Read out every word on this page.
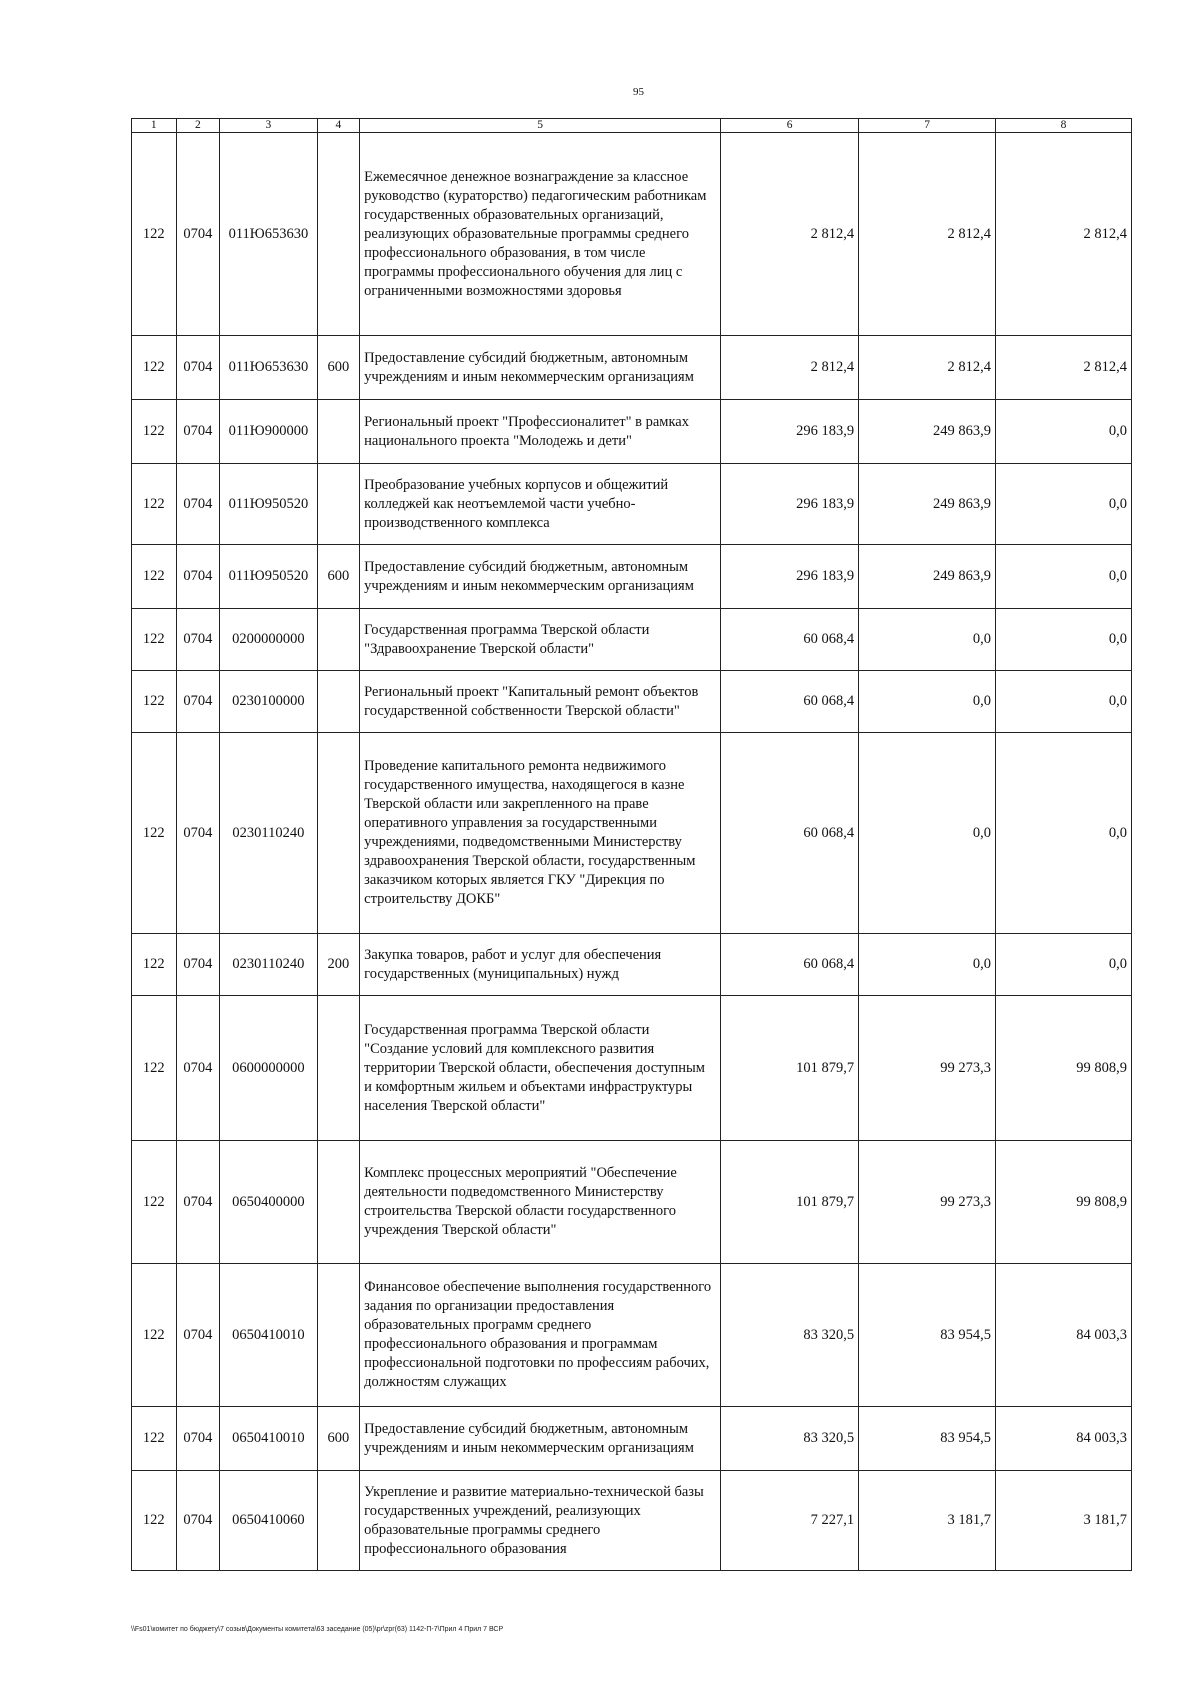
95
1	2	3	4	5	6	7	8
122	0704	011Ю653630		Ежемесячное денежное вознаграждение за классное руководство (кураторство) педагогическим работникам государственных образовательных организаций, реализующих образовательные программы среднего профессионального образования, в том числе программы профессионального обучения для лиц с ограниченными возможностями здоровья	2 812,4	2 812,4	2 812,4
122	0704	011Ю653630	600	Предоставление субсидий бюджетным, автономным учреждениям и иным некоммерческим организациям	2 812,4	2 812,4	2 812,4
122	0704	011Ю900000		Региональный проект "Профессионалитет" в рамках национального проекта "Молодежь и дети"	296 183,9	249 863,9	0,0
122	0704	011Ю950520		Преобразование учебных корпусов и общежитий колледжей как неотъемлемой части учебно-производственного комплекса	296 183,9	249 863,9	0,0
122	0704	011Ю950520	600	Предоставление субсидий бюджетным, автономным учреждениям и иным некоммерческим организациям	296 183,9	249 863,9	0,0
122	0704	0200000000		Государственная программа Тверской области "Здравоохранение Тверской области"	60 068,4	0,0	0,0
122	0704	0230100000		Региональный проект "Капитальный ремонт объектов государственной собственности Тверской области"	60 068,4	0,0	0,0
122	0704	0230110240		Проведение капитального ремонта недвижимого государственного имущества, находящегося в казне Тверской области или закрепленного на праве оперативного управления за государственными учреждениями, подведомственными Министерству здравоохранения Тверской области, государственным заказчиком которых является ГКУ "Дирекция по строительству ДОКБ"	60 068,4	0,0	0,0
122	0704	0230110240	200	Закупка товаров, работ и услуг для обеспечения государственных (муниципальных) нужд	60 068,4	0,0	0,0
122	0704	0600000000		Государственная программа Тверской области "Создание условий для комплексного развития территории Тверской области, обеспечения доступным и комфортным жильем и объектами инфраструктуры населения Тверской области"	101 879,7	99 273,3	99 808,9
122	0704	0650400000		Комплекс процессных мероприятий "Обеспечение деятельности подведомственного Министерству строительства Тверской области государственного учреждения Тверской области"	101 879,7	99 273,3	99 808,9
122	0704	0650410010		Финансовое обеспечение выполнения государственного задания по организации предоставления образовательных программ среднего профессионального образования и программам профессиональной подготовки по профессиям рабочих, должностям служащих	83 320,5	83 954,5	84 003,3
122	0704	0650410010	600	Предоставление субсидий бюджетным, автономным учреждениям и иным некоммерческим организациям	83 320,5	83 954,5	84 003,3
122	0704	0650410060		Укрепление и развитие материально-технической базы государственных учреждений, реализующих образовательные программы среднего профессионального образования	7 227,1	3 181,7	3 181,7
\\Fs01\комитет по бюджету\7 созыв\Документы комитета\63 заседание (05)\pr\zpr(63) 1142-П-7\Прил 4 Прил 7 ВСР
